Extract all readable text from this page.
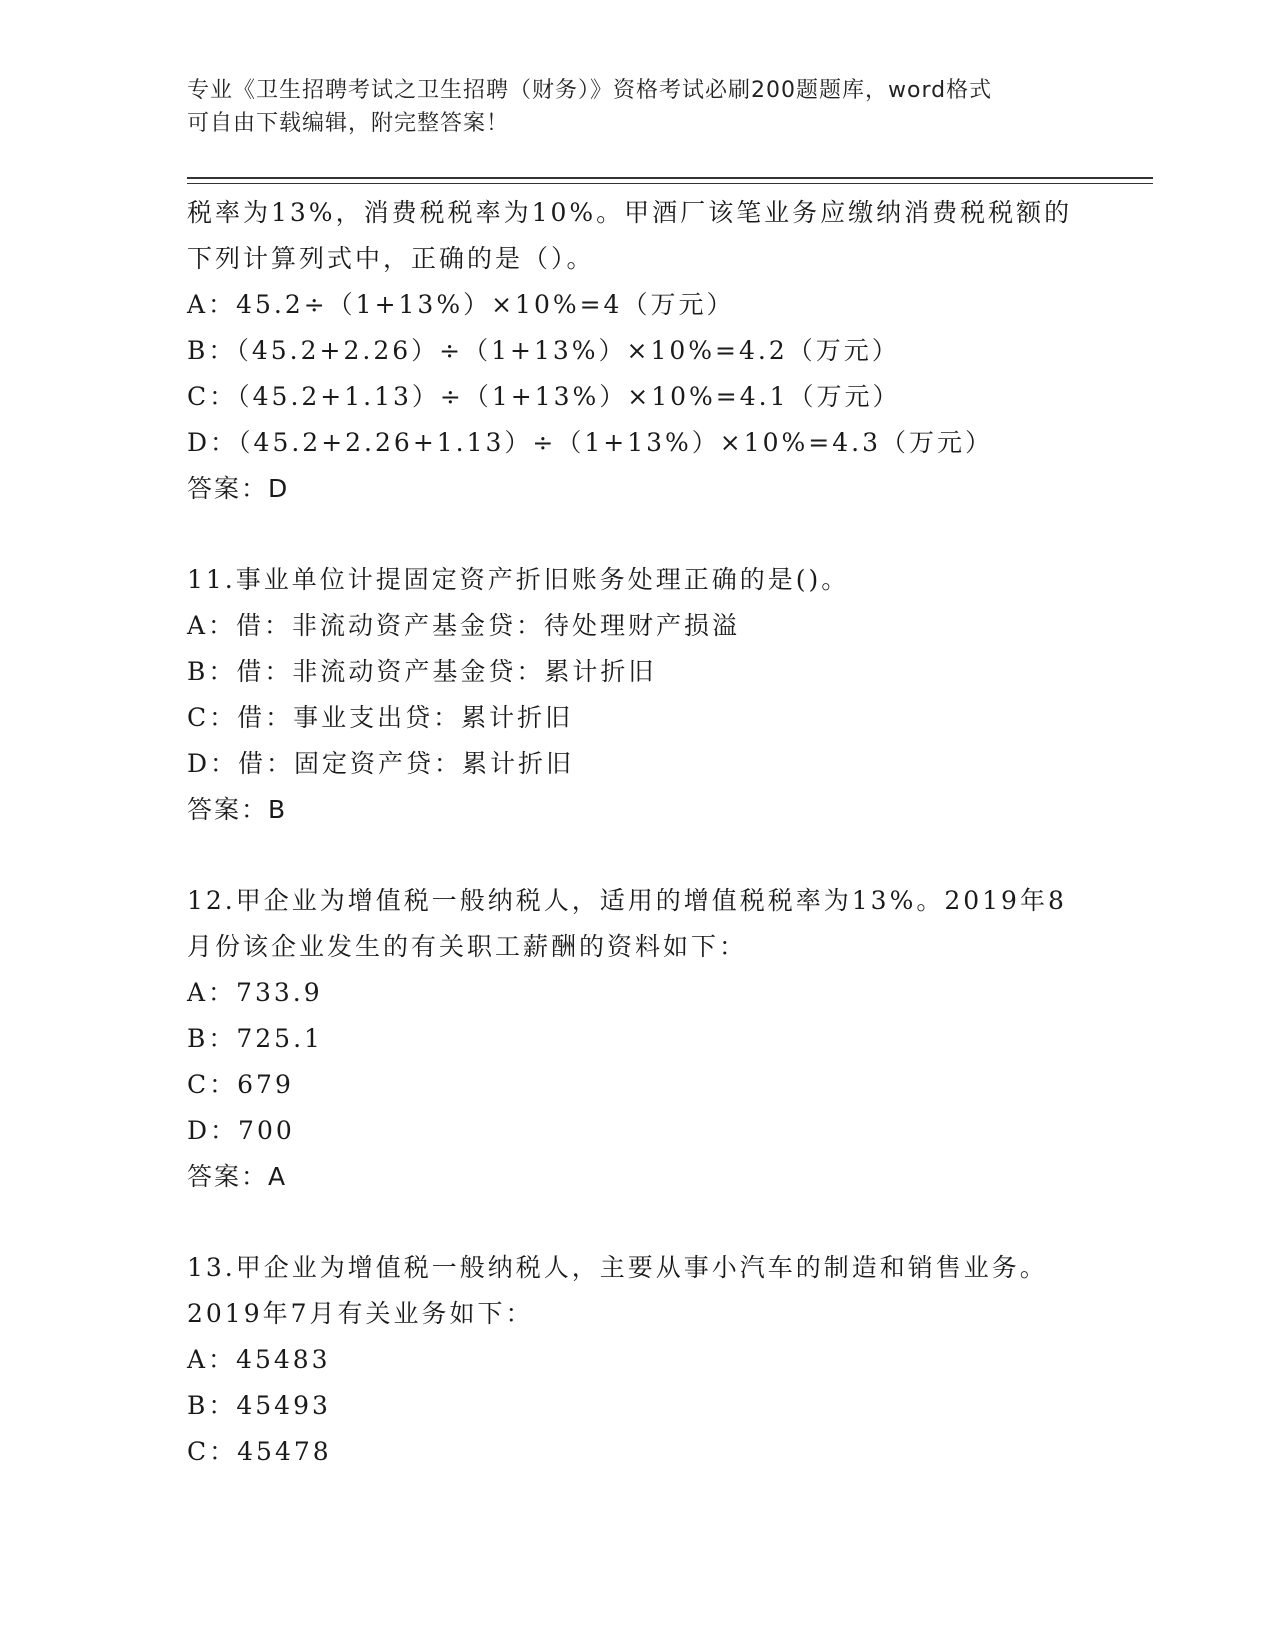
专业《卫生招聘考试之卫生招聘（财务）》资格考试必刷200题题库，word格式
可自由下载编辑，附完整答案！
税率为13%，消费税税率为10%。甲酒厂该笔业务应缴纳消费税税额的
下列计算列式中，正确的是（）。
A：45.2÷（1+13%）×10%=4（万元）
B：（45.2+2.26）÷（1+13%）×10%=4.2（万元）
C：（45.2+1.13）÷（1+13%）×10%=4.1（万元）
D：（45.2+2.26+1.13）÷（1+13%）×10%=4.3（万元）
答案：D
11.事业单位计提固定资产折旧账务处理正确的是()。
A：借：非流动资产基金贷：待处理财产损溢
B：借：非流动资产基金贷：累计折旧
C：借：事业支出贷：累计折旧
D：借：固定资产贷：累计折旧
答案：B
12.甲企业为增值税一般纳税人，适用的增值税税率为13%。2019年8
月份该企业发生的有关职工薪酬的资料如下：
A：733.9
B：725.1
C：679
D：700
答案：A
13.甲企业为增值税一般纳税人，主要从事小汽车的制造和销售业务。
2019年7月有关业务如下：
A：45483
B：45493
C：45478
